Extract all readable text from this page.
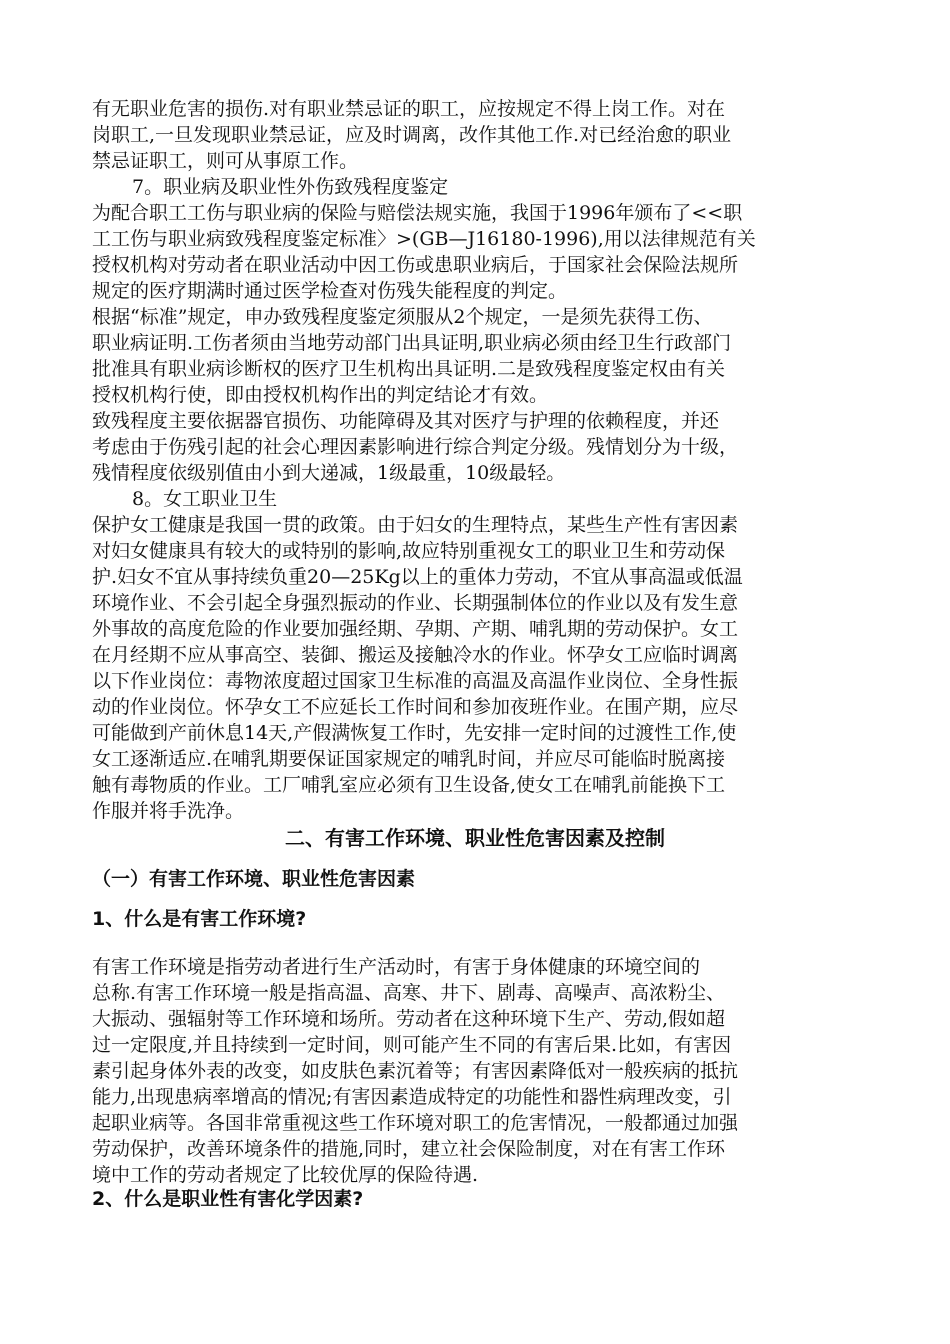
有无职业危害的损伤.对有职业禁忌证的职工，应按规定不得上岗工作。对在
岗职工,一旦发现职业禁忌证，应及时调离，改作其他工作.对已经治愈的职业
禁忌证职工，则可从事原工作。
7。职业病及职业性外伤致残程度鉴定
为配合职工工伤与职业病的保险与赔偿法规实施，我国于1996年颁布了<<职
工工伤与职业病致残程度鉴定标准〉>(GB—J16180-1996),用以法律规范有关
授权机构对劳动者在职业活动中因工伤或患职业病后，于国家社会保险法规所
规定的医疗期满时通过医学检查对伤残失能程度的判定。
根据“标准”规定，申办致残程度鉴定须服从2个规定，一是须先获得工伤、
职业病证明.工伤者须由当地劳动部门出具证明,职业病必须由经卫生行政部门
批准具有职业病诊断权的医疗卫生机构出具证明.二是致残程度鉴定权由有关
授权机构行使，即由授权机构作出的判定结论才有效。
致残程度主要依据器官损伤、功能障碍及其对医疗与护理的依赖程度，并还
考虑由于伤残引起的社会心理因素影响进行综合判定分级。残情划分为十级，
残情程度依级别值由小到大递减，1级最重，10级最轻。
8。女工职业卫生
保护女工健康是我国一贯的政策。由于妇女的生理特点，某些生产性有害因素
对妇女健康具有较大的或特别的影响,故应特别重视女工的职业卫生和劳动保
护.妇女不宜从事持续负重20—25Kg以上的重体力劳动，不宜从事高温或低温
环境作业、不会引起全身强烈振动的作业、长期强制体位的作业以及有发生意
外事故的高度危险的作业要加强经期、孕期、产期、哺乳期的劳动保护。女工
在月经期不应从事高空、装御、搬运及接触冷水的作业。怀孕女工应临时调离
以下作业岗位：毒物浓度超过国家卫生标准的高温及高温作业岗位、全身性振
动的作业岗位。怀孕女工不应延长工作时间和参加夜班作业。在围产期，应尽
可能做到产前休息14天,产假满恢复工作时，先安排一定时间的过渡性工作,使
女工逐渐适应.在哺乳期要保证国家规定的哺乳时间，并应尽可能临时脱离接
触有毒物质的作业。工厂哺乳室应必须有卫生设备,使女工在哺乳前能换下工
作服并将手洗净。
二、有害工作环境、职业性危害因素及控制
（一）有害工作环境、职业性危害因素
1、什么是有害工作环境?
有害工作环境是指劳动者进行生产活动时，有害于身体健康的环境空间的
总称.有害工作环境一般是指高温、高寒、井下、剧毒、高噪声、高浓粉尘、
大振动、强辐射等工作环境和场所。劳动者在这种环境下生产、劳动,假如超
过一定限度,并且持续到一定时间，则可能产生不同的有害后果.比如，有害因
素引起身体外表的改变，如皮肤色素沉着等；有害因素降低对一般疾病的抵抗
能力,出现患病率增高的情况;有害因素造成特定的功能性和器性病理改变，引
起职业病等。各国非常重视这些工作环境对职工的危害情况，一般都通过加强
劳动保护，改善环境条件的措施,同时，建立社会保险制度，对在有害工作环
境中工作的劳动者规定了比较优厚的保险待遇.
2、什么是职业性有害化学因素?
